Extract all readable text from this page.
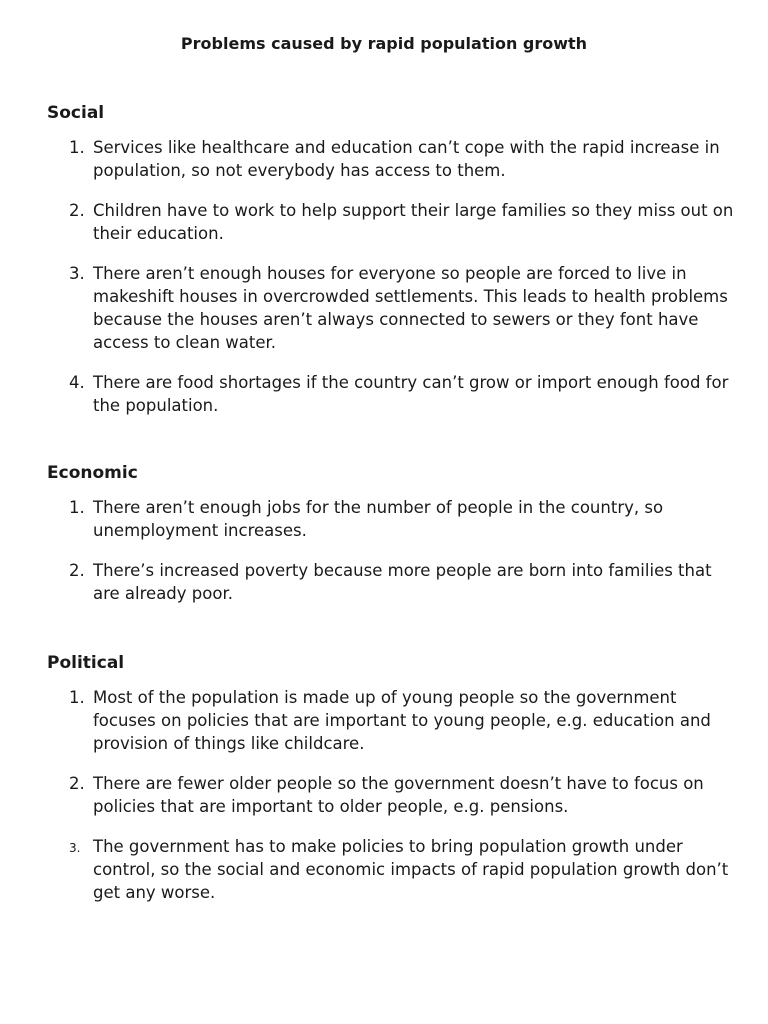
Problems caused by rapid population growth
Social
1. Services like healthcare and education can’t cope with the rapid increase in population, so not everybody has access to them.
2. Children have to work to help support their large families so they miss out on their education.
3. There aren’t enough houses for everyone so people are forced to live in makeshift houses in overcrowded settlements. This leads to health problems because the houses aren’t always connected to sewers or they font have access to clean water.
4. There are food shortages if the country can’t grow or import enough food for the population.
Economic
1. There aren’t enough jobs for the number of people in the country, so unemployment increases.
2. There’s increased poverty because more people are born into families that are already poor.
Political
1. Most of the population is made up of young people so the government focuses on policies that are important to young people, e.g. education and provision of things like childcare.
2. There are fewer older people so the government doesn’t have to focus on policies that are important to older people, e.g. pensions.
3. The government has to make policies to bring population growth under control, so the social and economic impacts of rapid population growth don’t get any worse.
